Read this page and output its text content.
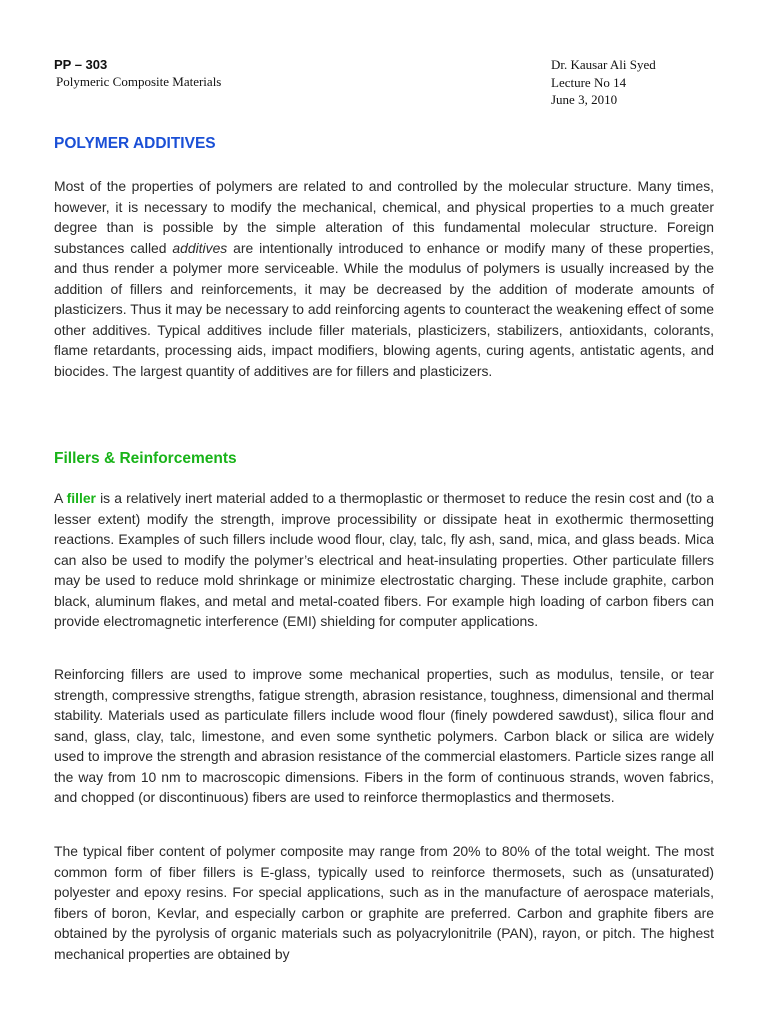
PP – 303
Polymeric Composite Materials
Dr. Kausar Ali Syed
Lecture No 14
June 3, 2010
POLYMER ADDITIVES

Most of the properties of polymers are related to and controlled by the molecular structure. Many times, however, it is necessary to modify the mechanical, chemical, and physical properties to a much greater degree than is possible by the simple alteration of this fundamental molecular structure. Foreign substances called additives are intentionally introduced to enhance or modify many of these properties, and thus render a polymer more serviceable. While the modulus of polymers is usually increased by the addition of fillers and reinforcements, it may be decreased by the addition of moderate amounts of plasticizers. Thus it may be necessary to add reinforcing agents to counteract the weakening effect of some other additives. Typical additives include filler materials, plasticizers, stabilizers, antioxidants, colorants, flame retardants, processing aids, impact modifiers, blowing agents, curing agents, antistatic agents, and biocides. The largest quantity of additives are for fillers and plasticizers.

Fillers & Reinforcements

A filler is a relatively inert material added to a thermoplastic or thermoset to reduce the resin cost and (to a lesser extent) modify the strength, improve processibility or dissipate heat in exothermic thermosetting reactions. Examples of such fillers include wood flour, clay, talc, fly ash, sand, mica, and glass beads. Mica can also be used to modify the polymer’s electrical and heat-insulating properties. Other particulate fillers may be used to reduce mold shrinkage or minimize electrostatic charging. These include graphite, carbon black, aluminum flakes, and metal and metal-coated fibers. For example high loading of carbon fibers can provide electromagnetic interference (EMI) shielding for computer applications.

Reinforcing fillers are used to improve some mechanical properties, such as modulus, tensile, or tear strength, compressive strengths, fatigue strength, abrasion resistance, toughness, dimensional and thermal stability. Materials used as particulate fillers include wood flour (finely powdered sawdust), silica flour and sand, glass, clay, talc, limestone, and even some synthetic polymers. Carbon black or silica are widely used to improve the strength and abrasion resistance of the commercial elastomers. Particle sizes range all the way from 10 nm to macroscopic dimensions. Fibers in the form of continuous strands, woven fabrics, and chopped (or discontinuous) fibers are used to reinforce thermoplastics and thermosets.

The typical fiber content of polymer composite may range from 20% to 80% of the total weight. The most common form of fiber fillers is E-glass, typically used to reinforce thermosets, such as (unsaturated) polyester and epoxy resins. For special applications, such as in the manufacture of aerospace materials, fibers of boron, Kevlar, and especially carbon or graphite are preferred. Carbon and graphite fibers are obtained by the pyrolysis of organic materials such as polyacrylonitrile (PAN), rayon, or pitch. The highest mechanical properties are obtained by
